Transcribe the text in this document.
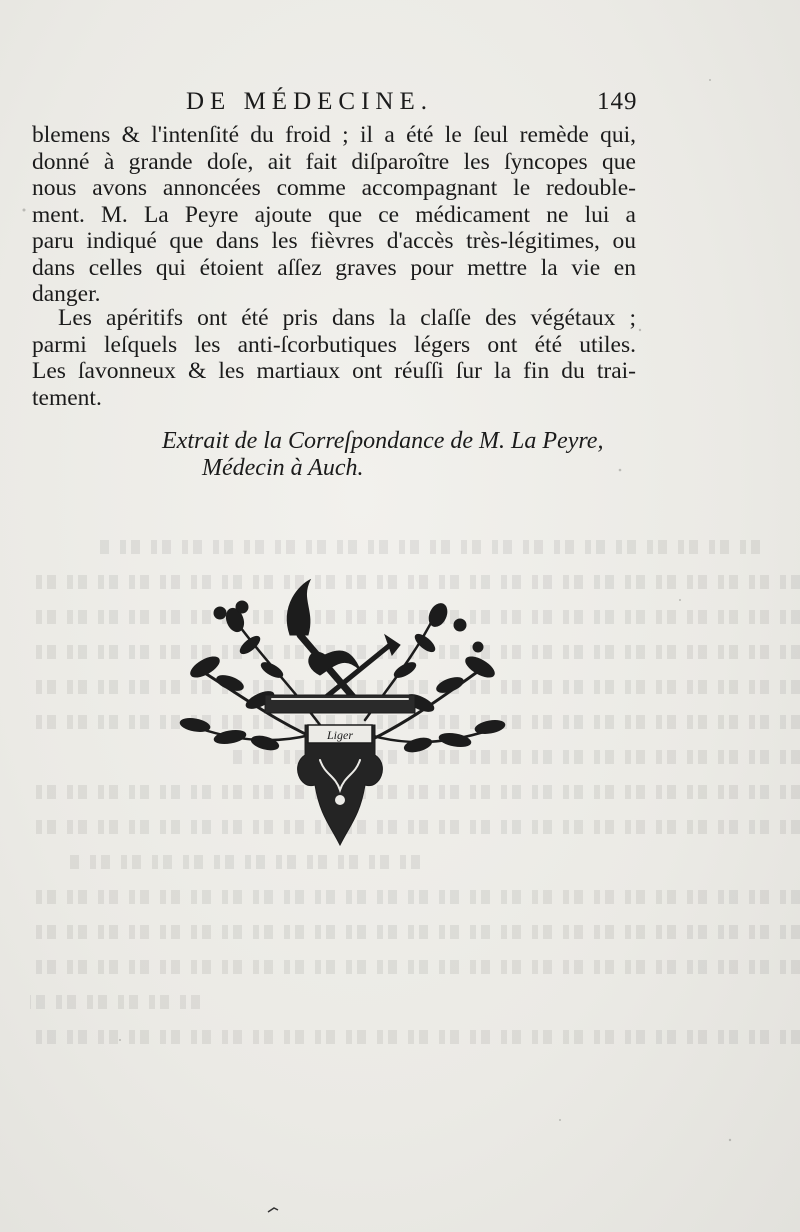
DE MÉDECINE.	149
blemens & l'intenſité du froid ; il a été le ſeul remède qui,
donné à grande doſe, ait fait diſparoître les ſyncopes que
nous avons annoncées comme accompagnant le redouble-
ment. M. La Peyre ajoute que ce médicament ne lui a
paru indiqué que dans les fièvres d'accès très-légitimes, ou
dans celles qui étoient aſſez graves pour mettre la vie en
danger.
Les apéritifs ont été pris dans la claſſe des végétaux ;
parmi leſquels les anti-ſcorbutiques légers ont été utiles.
Les ſavonneux & les martiaux ont réuſſi ſur la fin du trai-
tement.
Extrait de la Correſpondance de M. La Peyre,
Médecin à Auch.
Liger
